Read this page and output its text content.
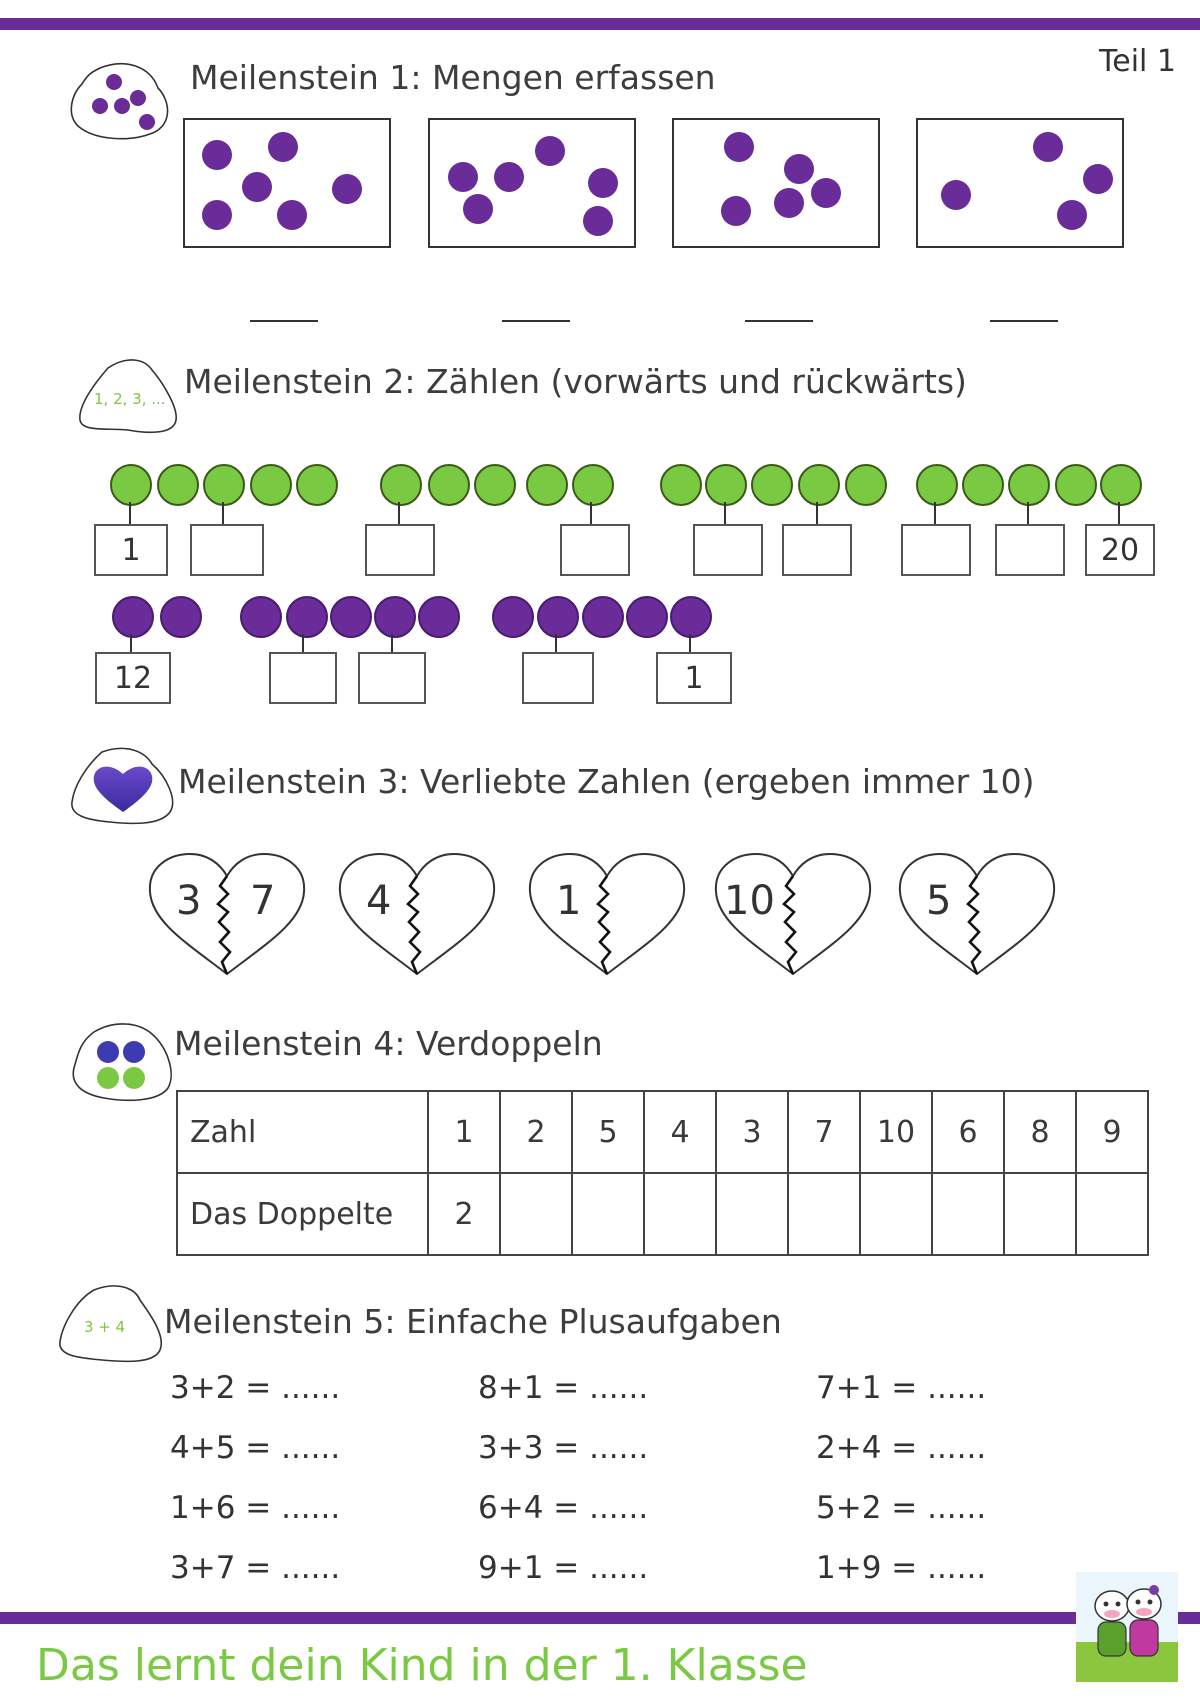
Teil 1
Meilenstein 1: Mengen erfassen
1, 2, 3, ... Meilenstein 2: Zählen (vorwärts und rückwärts)
1	20
12	1
Meilenstein 3: Verliebte Zahlen (ergeben immer 10)
3 7 4	1	10	5
Meilenstein 4: Verdoppeln
Zahl	1	2	5	4	3	7	10	6	8	9
Das Doppelte	2									
3 + 4 Meilenstein 5: Einfache Plusaufgaben
3+2 = ......
4+5 = ......
1+6 = ......
3+7 = ......
8+1 = ......
3+3 = ......
6+4 = ......
9+1 = ......
7+1 = ......
2+4 = ......
5+2 = ......
1+9 = ......
Das lernt dein Kind in der 1. Klasse
